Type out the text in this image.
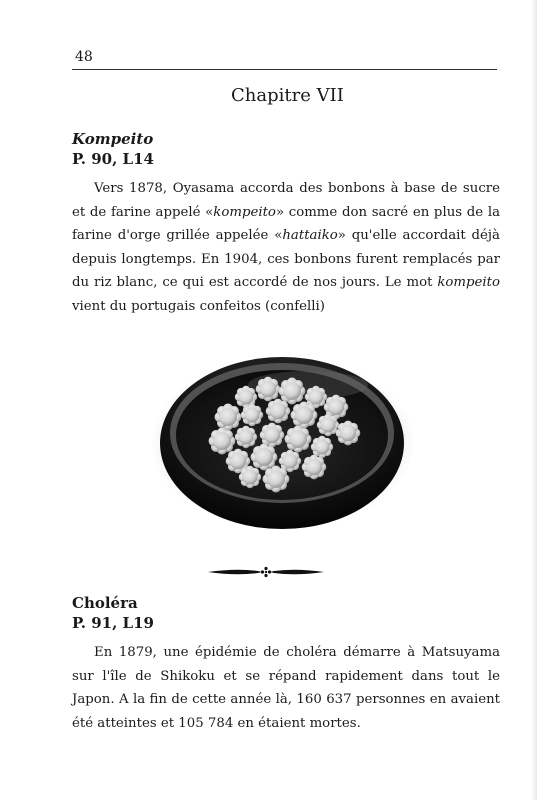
48
Chapitre VII

Kompeito

P. 90, L14

Vers 1878, Oyasama accorda des bonbons à base de sucre et de farine appelé «kompeito» comme don sacré en plus de la farine d'orge grillée appelée «hattaiko» qu'elle accordait déjà depuis longtemps. En 1904, ces bonbons furent remplacés par du riz blanc, ce qui est accordé de nos jours. Le mot kompeito vient du portugais confeitos (confelli)

Choléra

P. 91, L19

En 1879, une épidémie de choléra démarre à Matsuyama sur l'île de Shikoku et se répand rapidement dans tout le Japon. A la fin de cette année là, 160 637 personnes en avaient été atteintes et 105 784 en étaient mortes.
